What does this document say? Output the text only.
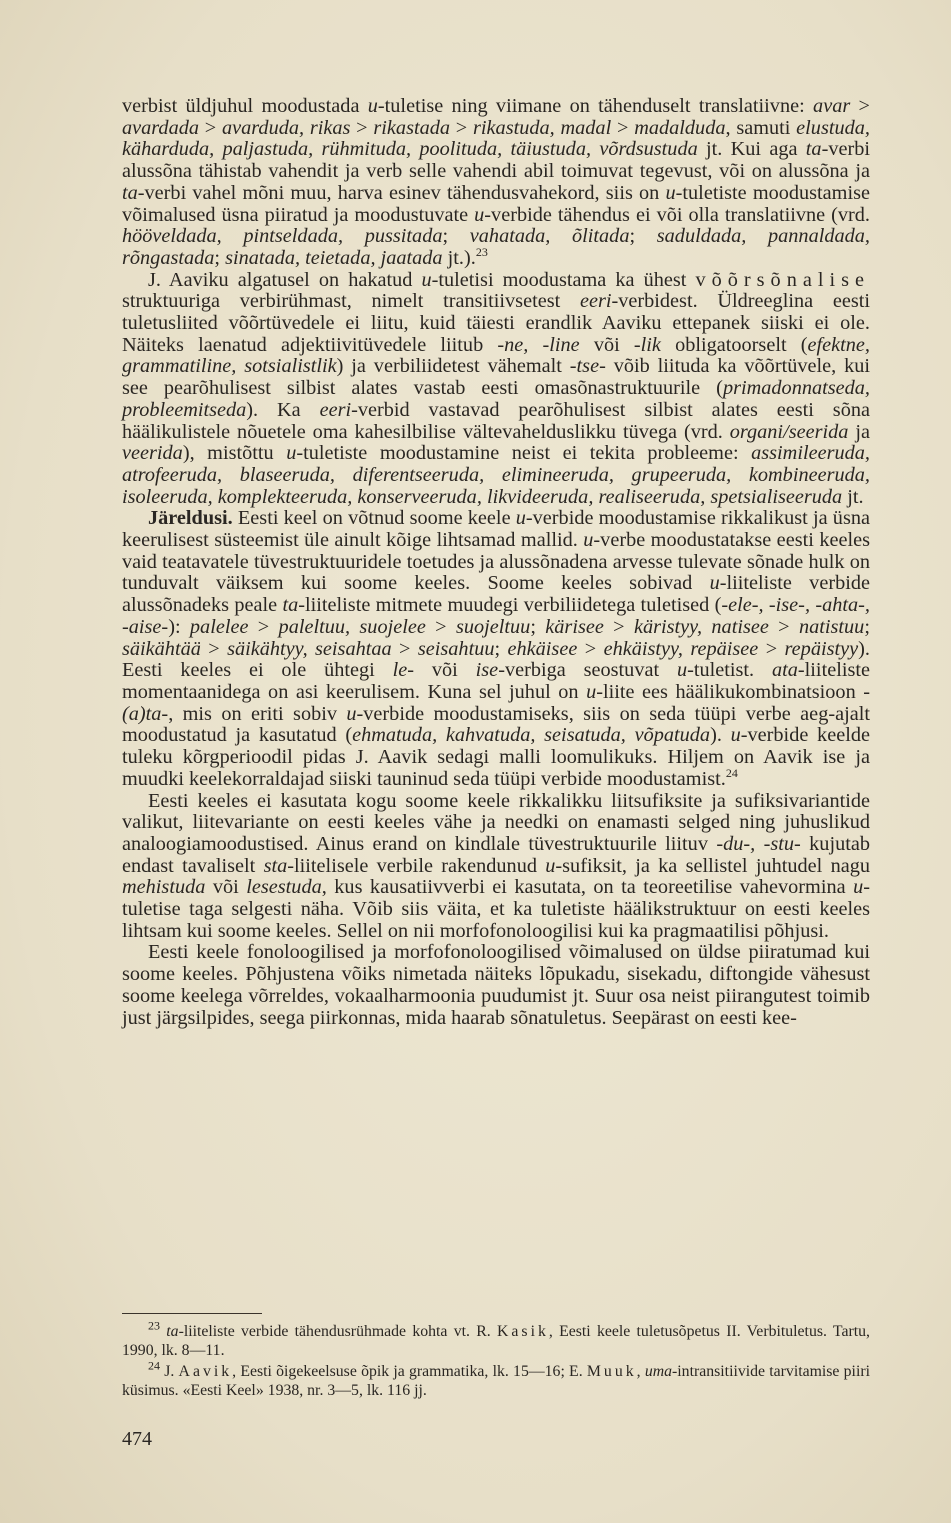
verbist üldjuhul moodustada u-tuletise ning viimane on tähenduselt translatiivne: avar > avardada > avarduda, rikas > rikastada > rikastuda, madal > madalduda, samuti elustuda, käharduda, paljastuda, rühmituda, poolituda, täiustuda, võrdsustuda jt. Kui aga ta-verbi alussõna tähistab vahendit ja verb selle vahendi abil toimuvat tegevust, või on alussõna ja ta-verbi vahel mõni muu, harva esinev tähendusvahekord, siis on u-tuletiste moodustamise võimalused üsna piiratud ja moodustuvate u-verbide tähendus ei või olla translatiivne (vrd. hööveldada, pintseldada, pussitada; vahatada, õlitada; saduldada, pannaldada, rõngastada; sinatada, teietada, jaatada jt.).$^{23}$

J. Aaviku algatusel on hakatud u-tuletisi moodustama ka ühest võõrsõnalise struktuuriga verbirühmast, nimelt transitiivsetest eeri-verbidest. Üldreeglina eesti tuletusliited võõrtüvedele ei liitu, kuid täiesti erandlik Aaviku ettepanek siiski ei ole. Näiteks laenatud adjektiivitüvedele liitub -ne, -line või -lik obligatoorselt (efektne, grammatiline, sotsialistlik) ja verbiliidetest vähemalt -tse- võib liituda ka võõrtüvele, kui see pearõhulisest silbist alates vastab eesti omasõnastruktuurile (primadonnatseda, probleemitseda). Ka eeri-verbid vastavad pearõhulisest silbist alates eesti sõna häälikulistele nõuetele oma kahesilbilise vältevahelduslikku tüvega (vrd. organi/seerida ja veerida), mistõttu u-tuletiste moodustamine neist ei tekita probleeme: assimileeruda, atrofeeruda, blaseeruda, diferentseeruda, elimineeruda, grupeeruda, kombineeruda, isoleeruda, komplekteeruda, konserveeruda, likvideeruda, realiseeruda, spetsialiseeruda jt.

Järeldusi. Eesti keel on võtnud soome keele u-verbide moodustamise rikkalikust ja üsna keerulisest süsteemist üle ainult kõige lihtsamad mallid. u-verbe moodustatakse eesti keeles vaid teatavatele tüvestruktuuridele toetudes ja alussõnadena arvesse tulevate sõnade hulk on tunduvalt väiksem kui soome keeles. Soome keeles sobivad u-liiteliste verbide alussõnadeks peale ta-liiteliste mitmete muudegi verbiliidetega tuletised (-ele-, -ise-, -ahta-, -aise-): palelee > paleltuu, suojelee > suojeltuu; kärisee > käristyy, natisee > natistuu; säikähtää > säikähtyy, seisahtaa > seisahtuu; ehkäisee > ehkäistyy, repäisee > repäistyy). Eesti keeles ei ole ühtegi le- või ise-verbiga seostuvat u-tuletist. ata-liiteliste momentaanidega on asi keerulisem. Kuna sel juhul on u-liite ees häälikukombinatsioon -(a)ta-, mis on eriti sobiv u-verbide moodustamiseks, siis on seda tüüpi verbe aeg-ajalt moodustatud ja kasutatud (ehmatuda, kahvatuda, seisatuda, võpatuda). u-verbide keelde tuleku kõrgperioodil pidas J. Aavik sedagi malli loomulikuks. Hiljem on Aavik ise ja muudki keelekorraldajad siiski tauninud seda tüüpi verbide moodustamist.$^{24}$

Eesti keeles ei kasutata kogu soome keele rikkalikku liitsufiksite ja sufiksivariantide valikut, liitevariante on eesti keeles vähe ja needki on enamasti selged ning juhuslikud analoogiamoodustised. Ainus erand on kindlale tüvestruktuurile liituv -du-, -stu- kujutab endast tavaliselt sta-liitelisele verbile rakendunud u-sufiksit, ja ka sellistel juhtudel nagu mehistuda või lesestuda, kus kausatiivverbi ei kasutata, on ta teoreetilise vahevormina u-tuletise taga selgesti näha. Võib siis väita, et ka tuletiste häälikstruktuur on eesti keeles lihtsam kui soome keeles. Sellel on nii morfofonoloogilisi kui ka pragmaatilisi põhjusi.

Eesti keele fonoloogilised ja morfofonoloogilised võimalused on üldse piiratumad kui soome keeles. Põhjustena võiks nimetada näiteks lõpukadu, sisekadu, diftongide vähesust soome keelega võrreldes, vokaalharmoonia puudumist jt. Suur osa neist piirangutest toimib just järgsilpides, seega piirkonnas, mida haarab sõnatuletus. Seepärast on eesti kee-

$^{23}$ ta-liiteliste verbide tähendusrühmade kohta vt. R. Kasik, Eesti keele tuletusõpetus II. Verbituletus. Tartu, 1990, lk. 8—11.
$^{24}$ J. Aavik, Eesti õigekeelsuse õpik ja grammatika, lk. 15—16; E. Muuk, uma-intransitiivide tarvitamise piiri küsimus. «Eesti Keel» 1938, nr. 3—5, lk. 116 jj.
474
